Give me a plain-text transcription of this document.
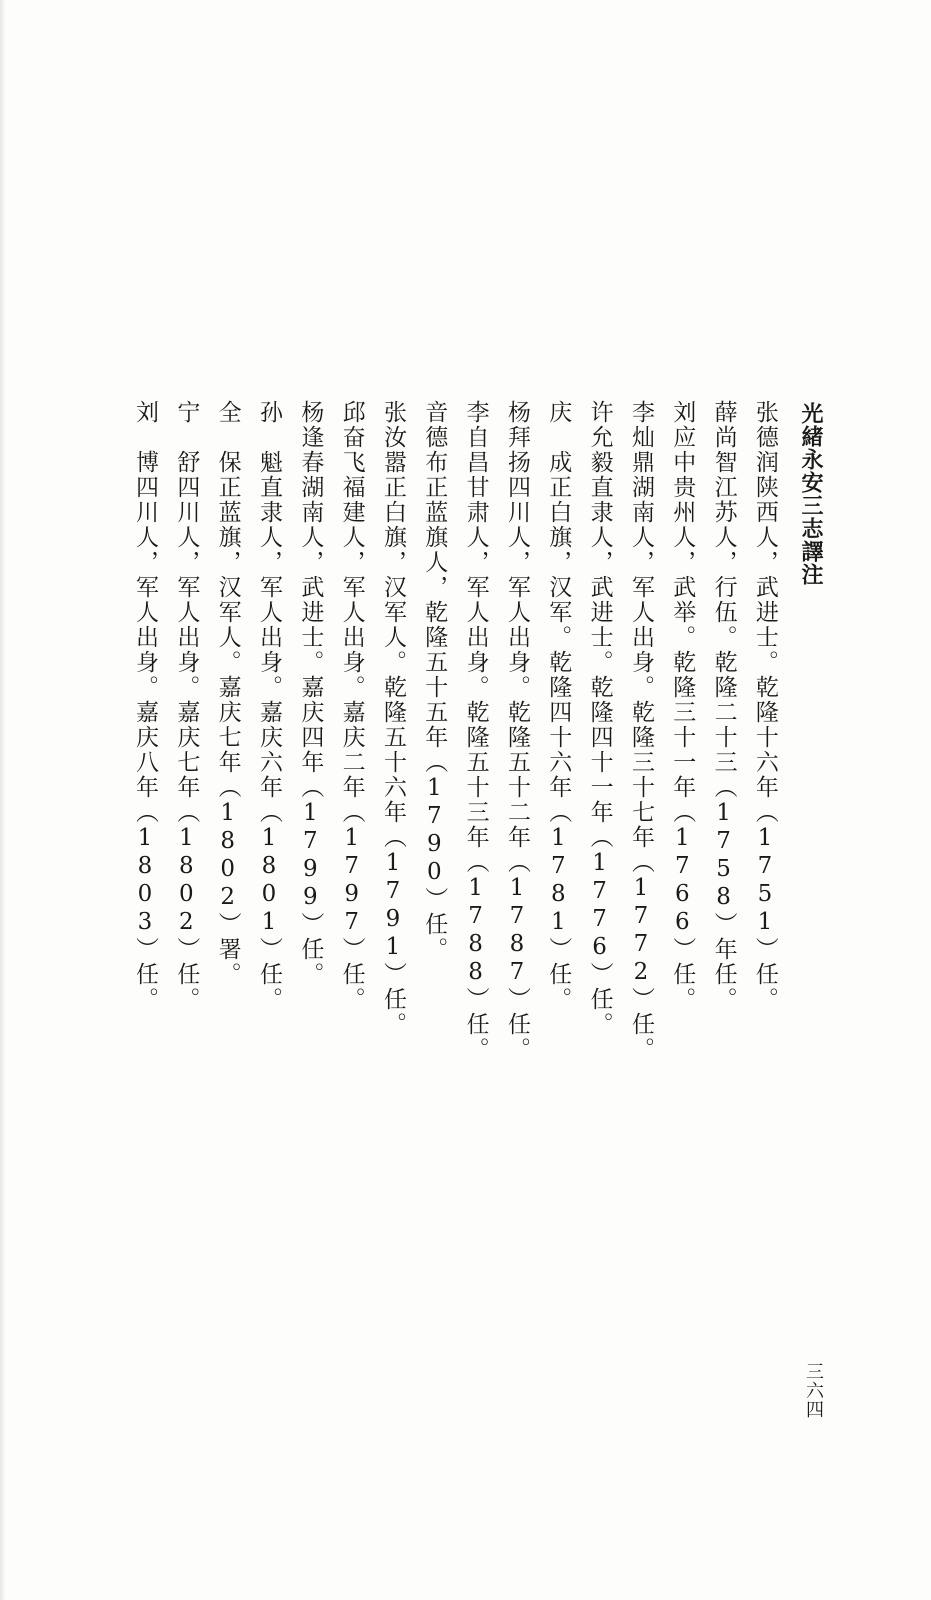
光緒永安三志譯注
张德润
陕西人，武进士。乾隆十六年（1751）任。
薛尚智
江苏人，行伍。乾隆二十三（1758）年任。
刘应中
贵州人，武举。乾隆三十一年（1766）任。
李灿鼎
湖南人，军人出身。乾隆三十七年（1772）任。
许允毅
直隶人，武进士。乾隆四十一年（1776）任。
庆　成
正白旗，汉军。乾隆四十六年（1781）任。
杨拜扬
四川人，军人出身。乾隆五十二年（1787）任。
李自昌
甘肃人，军人出身。乾隆五十三年（1788）任。
音德布
正蓝旗人，乾隆五十五年（1790）任。
张汝嚣
正白旗，汉军人。乾隆五十六年（1791）任。
邱奋飞
福建人，军人出身。嘉庆二年（1797）任。
杨逢春
湖南人，武进士。嘉庆四年（1799）任。
孙　魁
直隶人，军人出身。嘉庆六年（1801）任。
全　保
正蓝旗，汉军人。嘉庆七年（1802）署。
宁　舒
四川人，军人出身。嘉庆七年（1802）任。
刘　博
四川人，军人出身。嘉庆八年（1803）任。
三六四
